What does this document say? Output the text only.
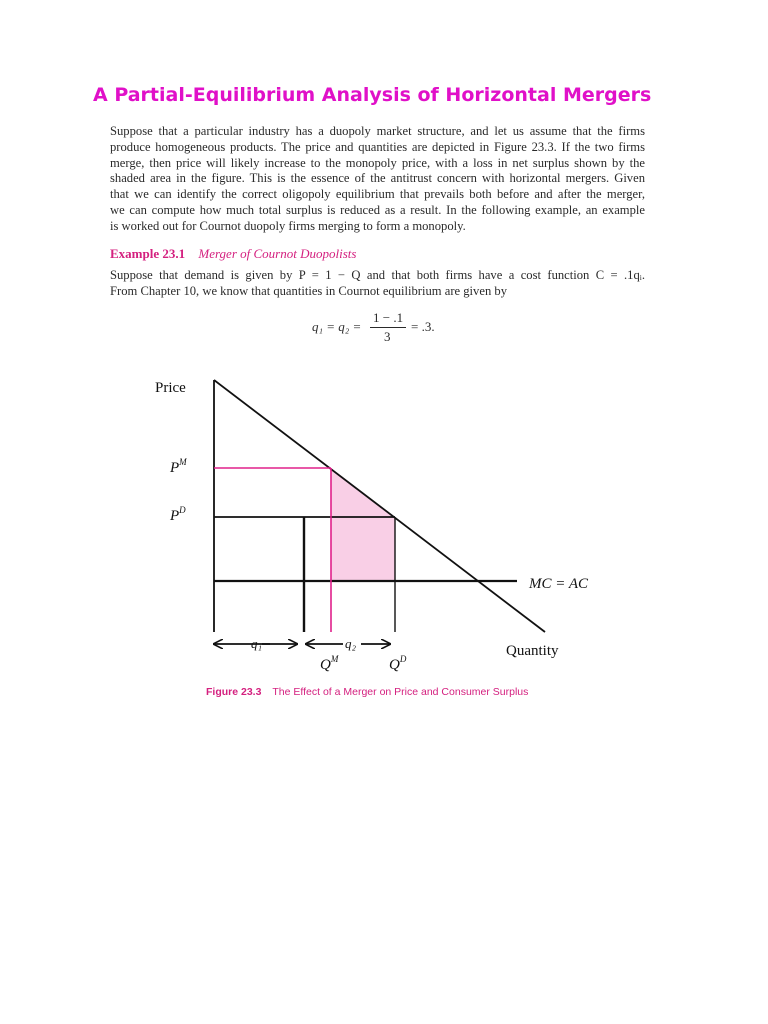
A Partial-Equilibrium Analysis of Horizontal Mergers
Suppose that a particular industry has a duopoly market structure, and let us assume that the firms
produce homogeneous products. The price and quantities are depicted in Figure 23.3. If the two firms
merge, then price will likely increase to the monopoly price, with a loss in net surplus shown by the
shaded area in the figure. This is the essence of the antitrust concern with horizontal mergers. Given
that we can identify the correct oligopoly equilibrium that prevails both before and after the merger,
we can compute how much total surplus is reduced as a result. In the following example, an example
is worked out for Cournot duopoly firms merging to form a monopoly.
Example 23.1 Merger of Cournot Duopolists
Suppose that demand is given by P = 1 − Q and that both firms have a cost function C = .1qᵢ.
From Chapter 10, we know that quantities in Cournot equilibrium are given by
q₁ = q₂ =
1 − .1
3
= .3.
Price
$P^M$
$P^D$
MC = AC
Quantity
q₁	q₂
$Q^M$	$Q^D$
Figure 23.3 The Effect of a Merger on Price and Consumer Surplus
